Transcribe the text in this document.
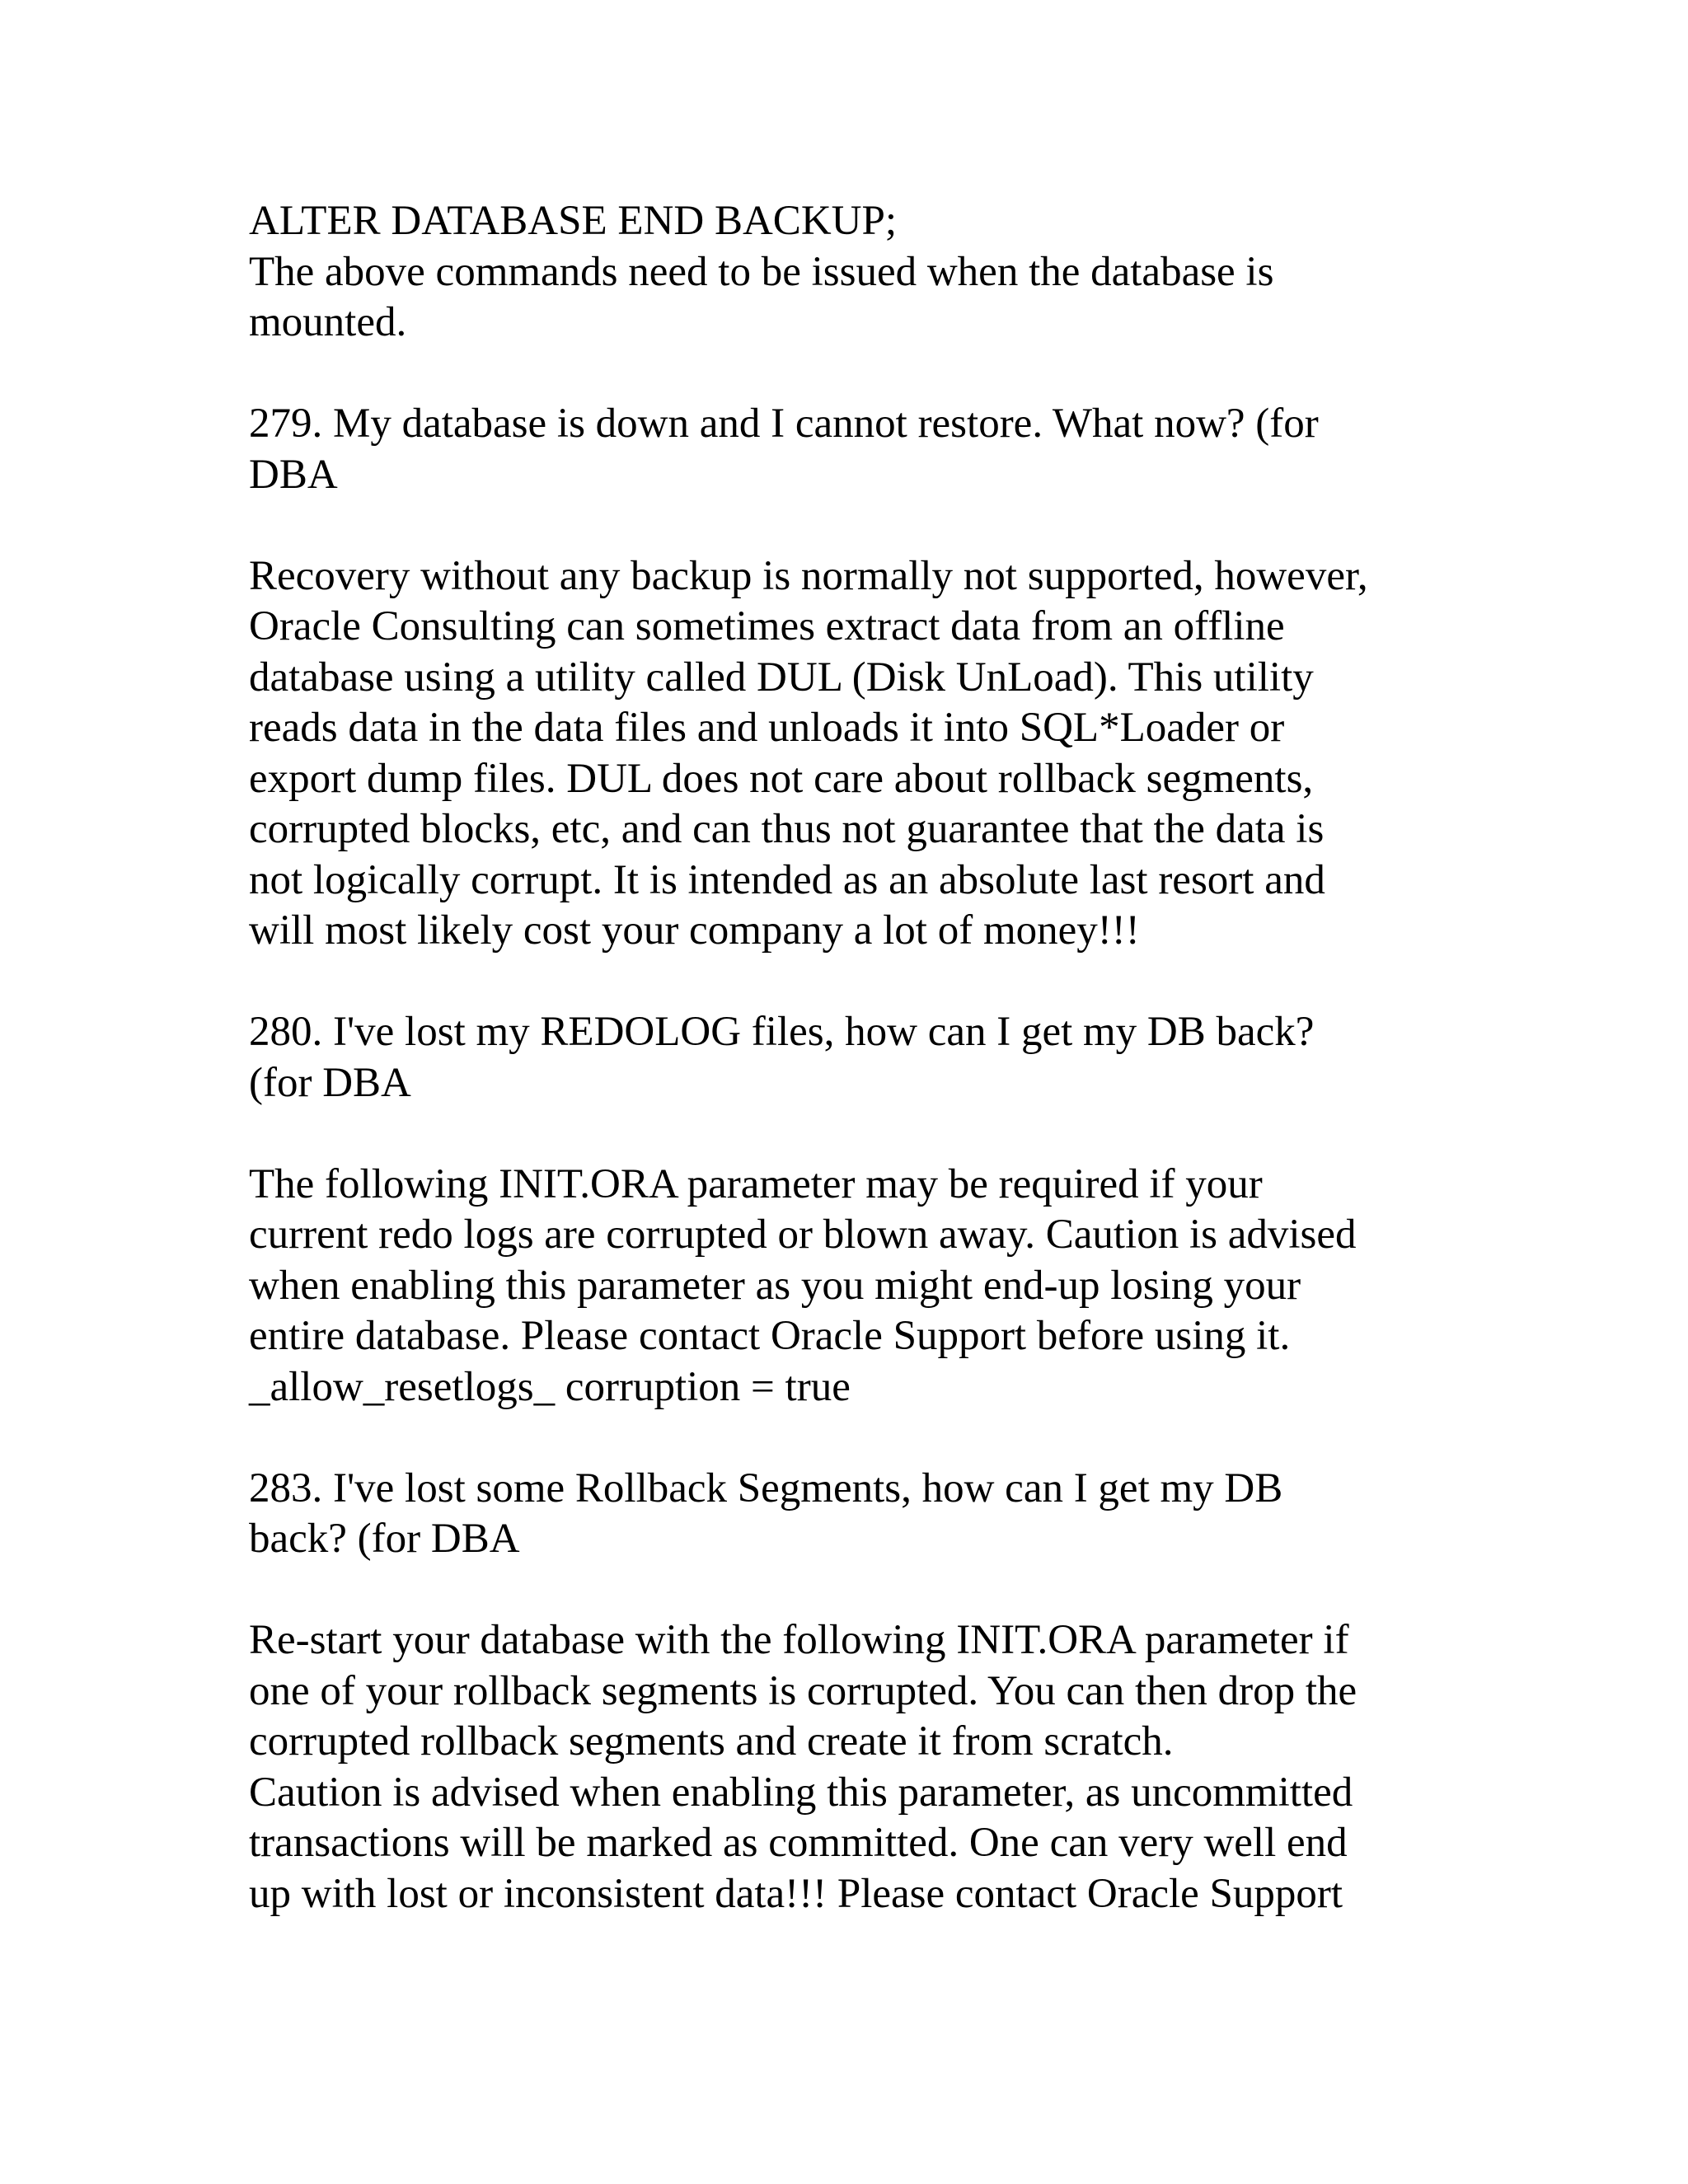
ALTER DATABASE END BACKUP;
The above commands need to be issued when the database is
mounted.
279. My database is down and I cannot restore. What now? (for
DBA
Recovery without any backup is normally not supported, however,
Oracle Consulting can sometimes extract data from an offline
database using a utility called DUL (Disk UnLoad). This utility
reads data in the data files and unloads it into SQL*Loader or
export dump files. DUL does not care about rollback segments,
corrupted blocks, etc, and can thus not guarantee that the data is
not logically corrupt. It is intended as an absolute last resort and
will most likely cost your company a lot of money!!!
280. I've lost my REDOLOG files, how can I get my DB back?
(for DBA
The following INIT.ORA parameter may be required if your
current redo logs are corrupted or blown away. Caution is advised
when enabling this parameter as you might end-up losing your
entire database. Please contact Oracle Support before using it.
_allow_resetlogs_ corruption = true
283. I've lost some Rollback Segments, how can I get my DB
back? (for DBA
Re-start your database with the following INIT.ORA parameter if
one of your rollback segments is corrupted. You can then drop the
corrupted rollback segments and create it from scratch.
Caution is advised when enabling this parameter, as uncommitted
transactions will be marked as committed. One can very well end
up with lost or inconsistent data!!! Please contact Oracle Support
